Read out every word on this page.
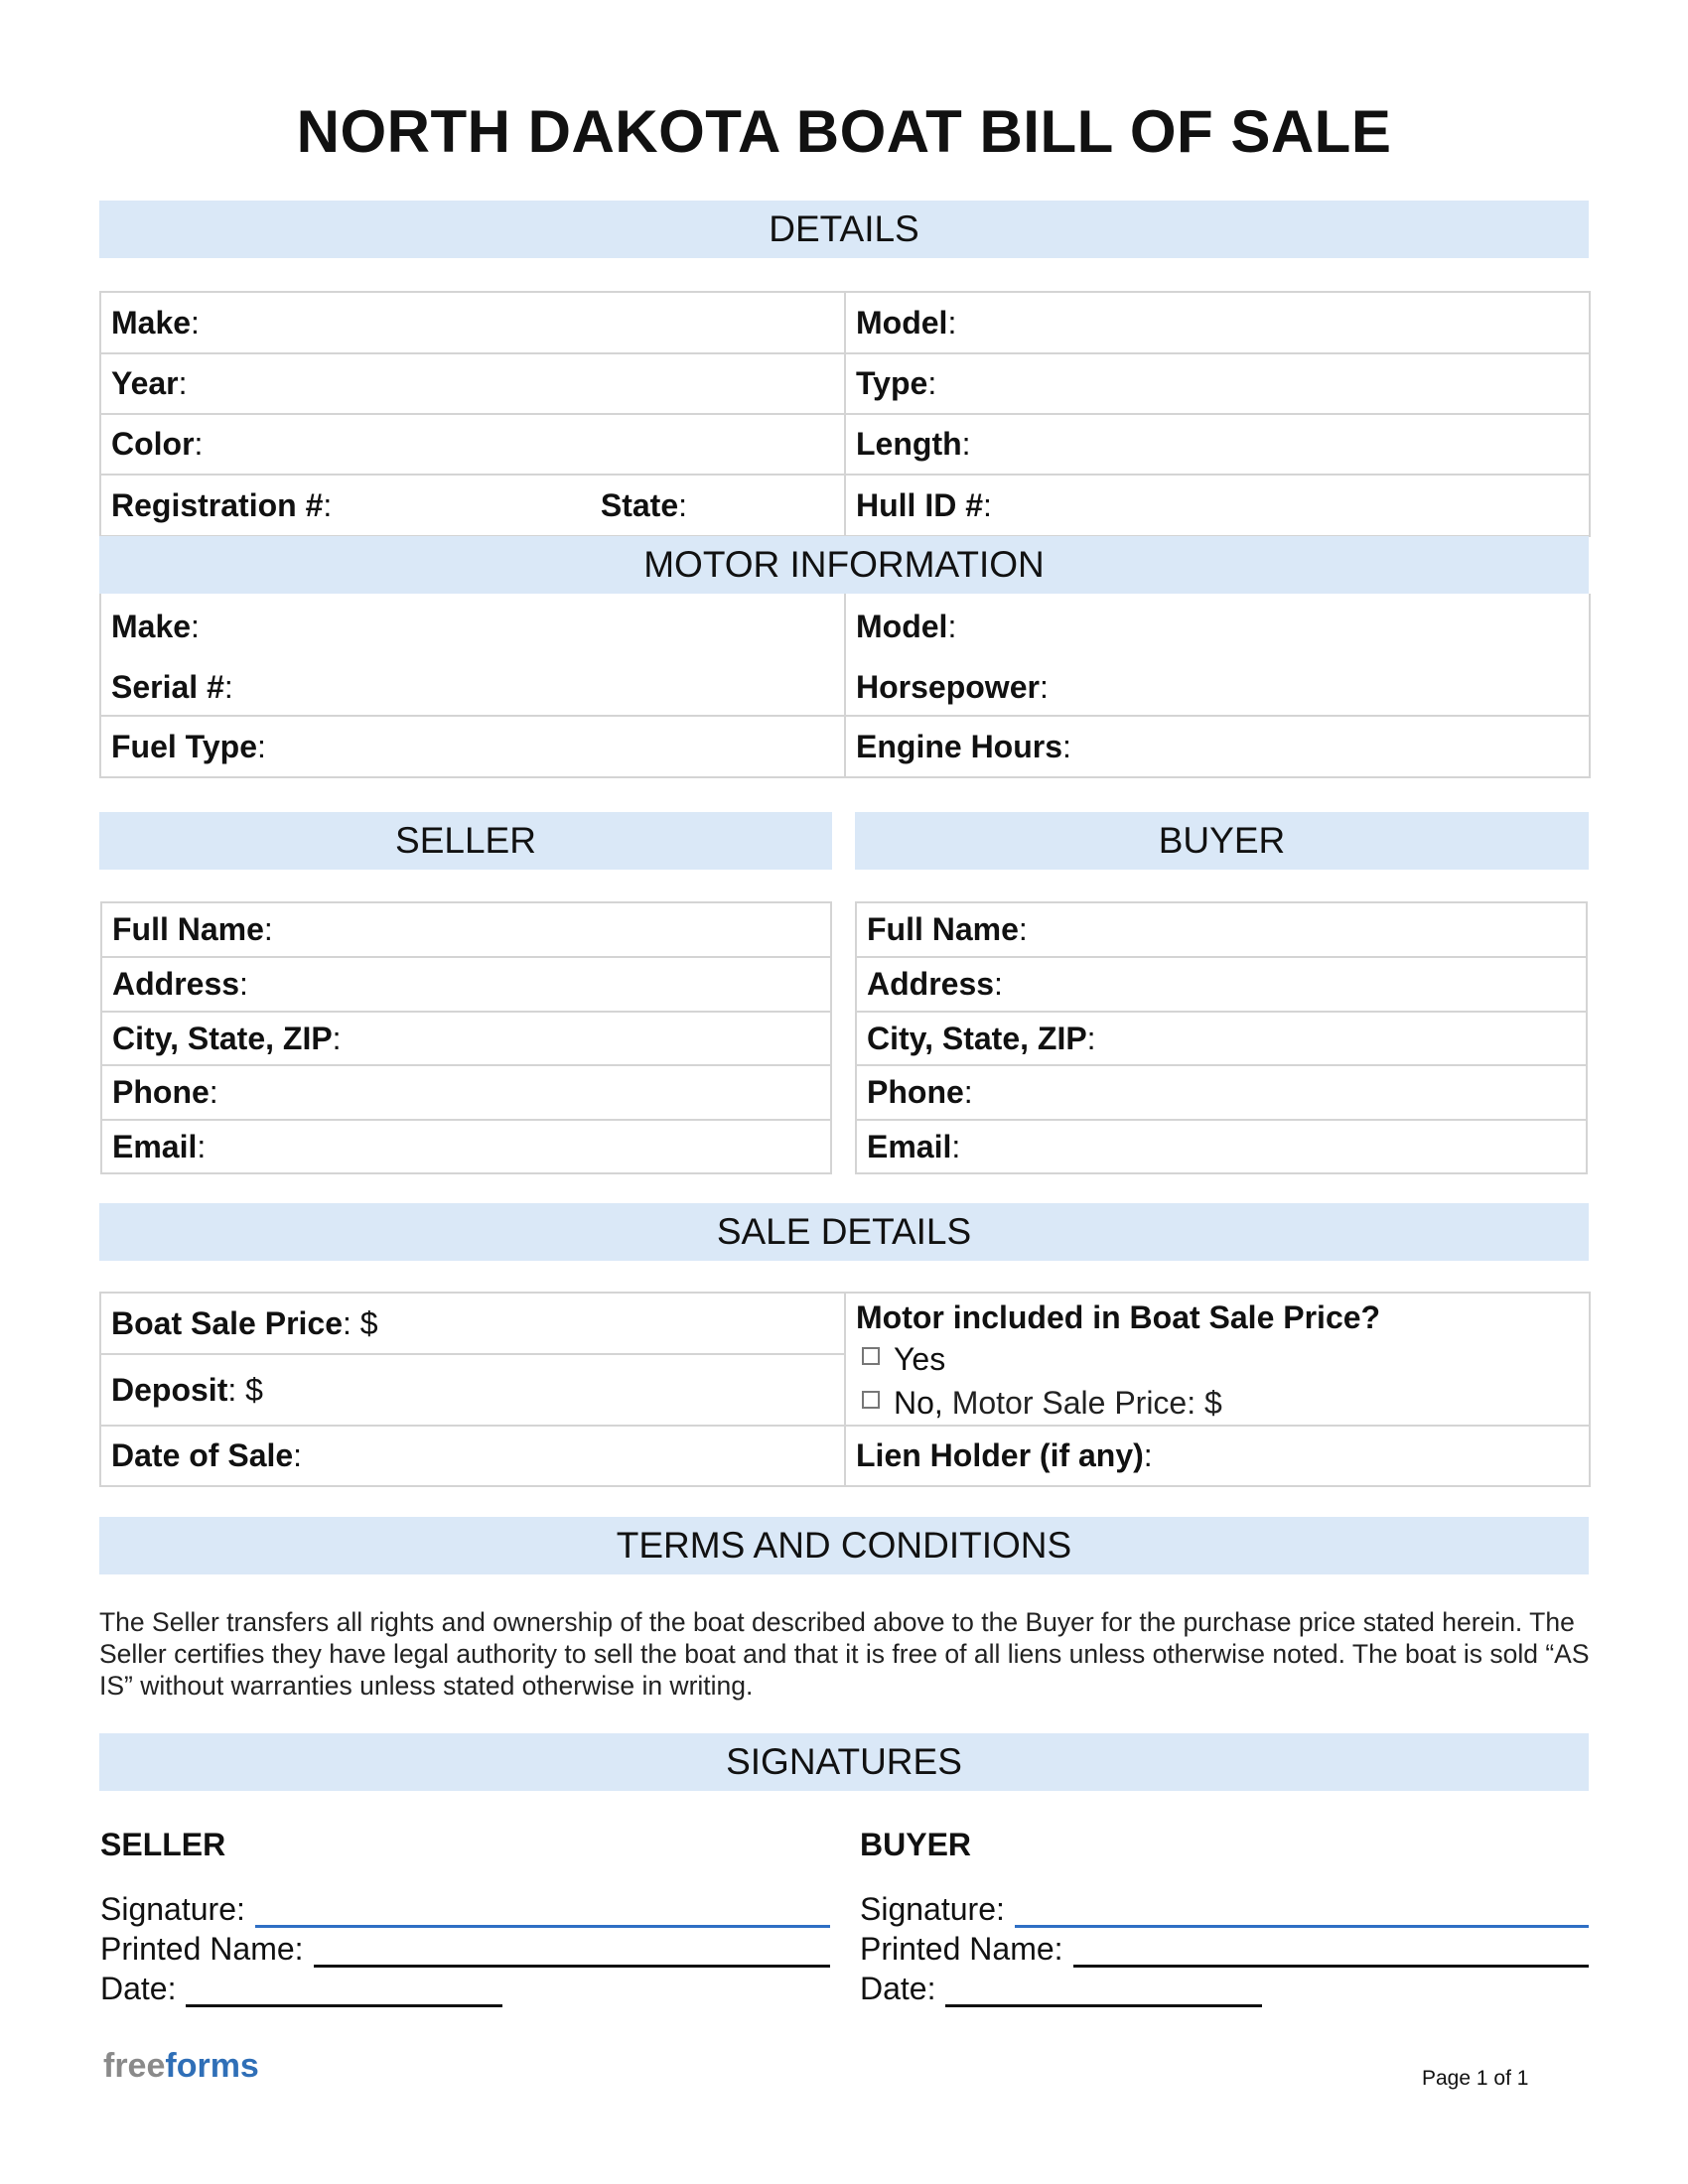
NORTH DAKOTA BOAT BILL OF SALE
DETAILS
Make:	Model:
Year:	Type:
Color:	Length:

Registration #: State:	Hull ID #:
MOTOR INFORMATION
Make:	Model:
Serial #:	Horsepower:
Fuel Type:	Engine Hours:
SELLER	BUYER
Full Name:
Address:
City, State, ZIP:
Phone:
Email:
Full Name:
Address:
City, State, ZIP:
Phone:
Email:
SALE DETAILS
Boat Sale Price: $	Motor included in Boat Sale Price?
Yes
No, Motor Sale Price: $

Deposit: $	
Date of Sale:	Lien Holder (if any):
TERMS AND CONDITIONS
The Seller transfers all rights and ownership of the boat described above to the Buyer for the purchase price stated herein. The Seller certifies they have legal authority to sell the boat and that it is free of all liens unless otherwise noted. The boat is sold “AS IS” without warranties unless stated otherwise in writing.
SIGNATURES
SELLER	BUYER
Signature:
Printed Name:
Date:
Signature:
Printed Name:
Date:
freeforms	Page 1 of 1
